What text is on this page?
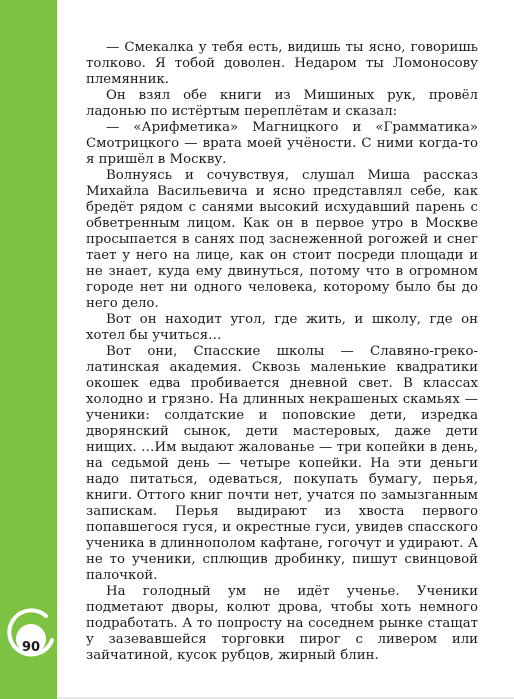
90

— Смекалка у тебя есть, видишь ты ясно, говоришь толково. Я тобой доволен. Недаром ты Ломоносову племянник.

Он взял обе книги из Мишиных рук, провёл ладонью по истёртым переплётам и сказал:

— «Арифметика» Магницкого и «Грамматика» Смотрицкого — врата моей учёности. С ними когда-то я пришёл в Москву.

Волнуясь и сочувствуя, слушал Миша рассказ Михайла Васильевича и ясно представлял себе, как бредёт рядом с санями высокий исхудавший парень с обветренным лицом. Как он в первое утро в Москве просыпается в санях под заснеженной рогожей и снег тает у него на лице, как он стоит посреди площади и не знает, куда ему двинуться, потому что в огромном городе нет ни одного человека, которому было бы до него дело.

Вот он находит угол, где жить, и школу, где он хотел бы учиться…

Вот они, Спасские школы — Славяно-греко-латинская академия. Сквозь маленькие квадратики окошек едва пробивается дневной свет. В классах холодно и грязно. На длинных некрашеных скамьях — ученики: солдатские и поповские дети, изредка дворянский сынок, дети мастеровых, даже дети нищих. …Им выдают жалованье — три копейки в день, на седьмой день — четыре копейки. На эти деньги надо питаться, одеваться, покупать бумагу, перья, книги. Оттого книг почти нет, учатся по замызганным запискам. Перья выдирают из хвоста первого попавшегося гуся, и окрестные гуси, увидев спасского ученика в длиннополом кафтане, гогочут и удирают. А не то ученики, сплющив дробинку, пишут свинцовой палочкой.

На голодный ум не идёт ученье. Ученики подметают дворы, колют дрова, чтобы хоть немного подработать. А то попросту на соседнем рынке стащат у зазевавшейся торговки пирог с ливером или зайчатиной, кусок рубцов, жирный блин.
